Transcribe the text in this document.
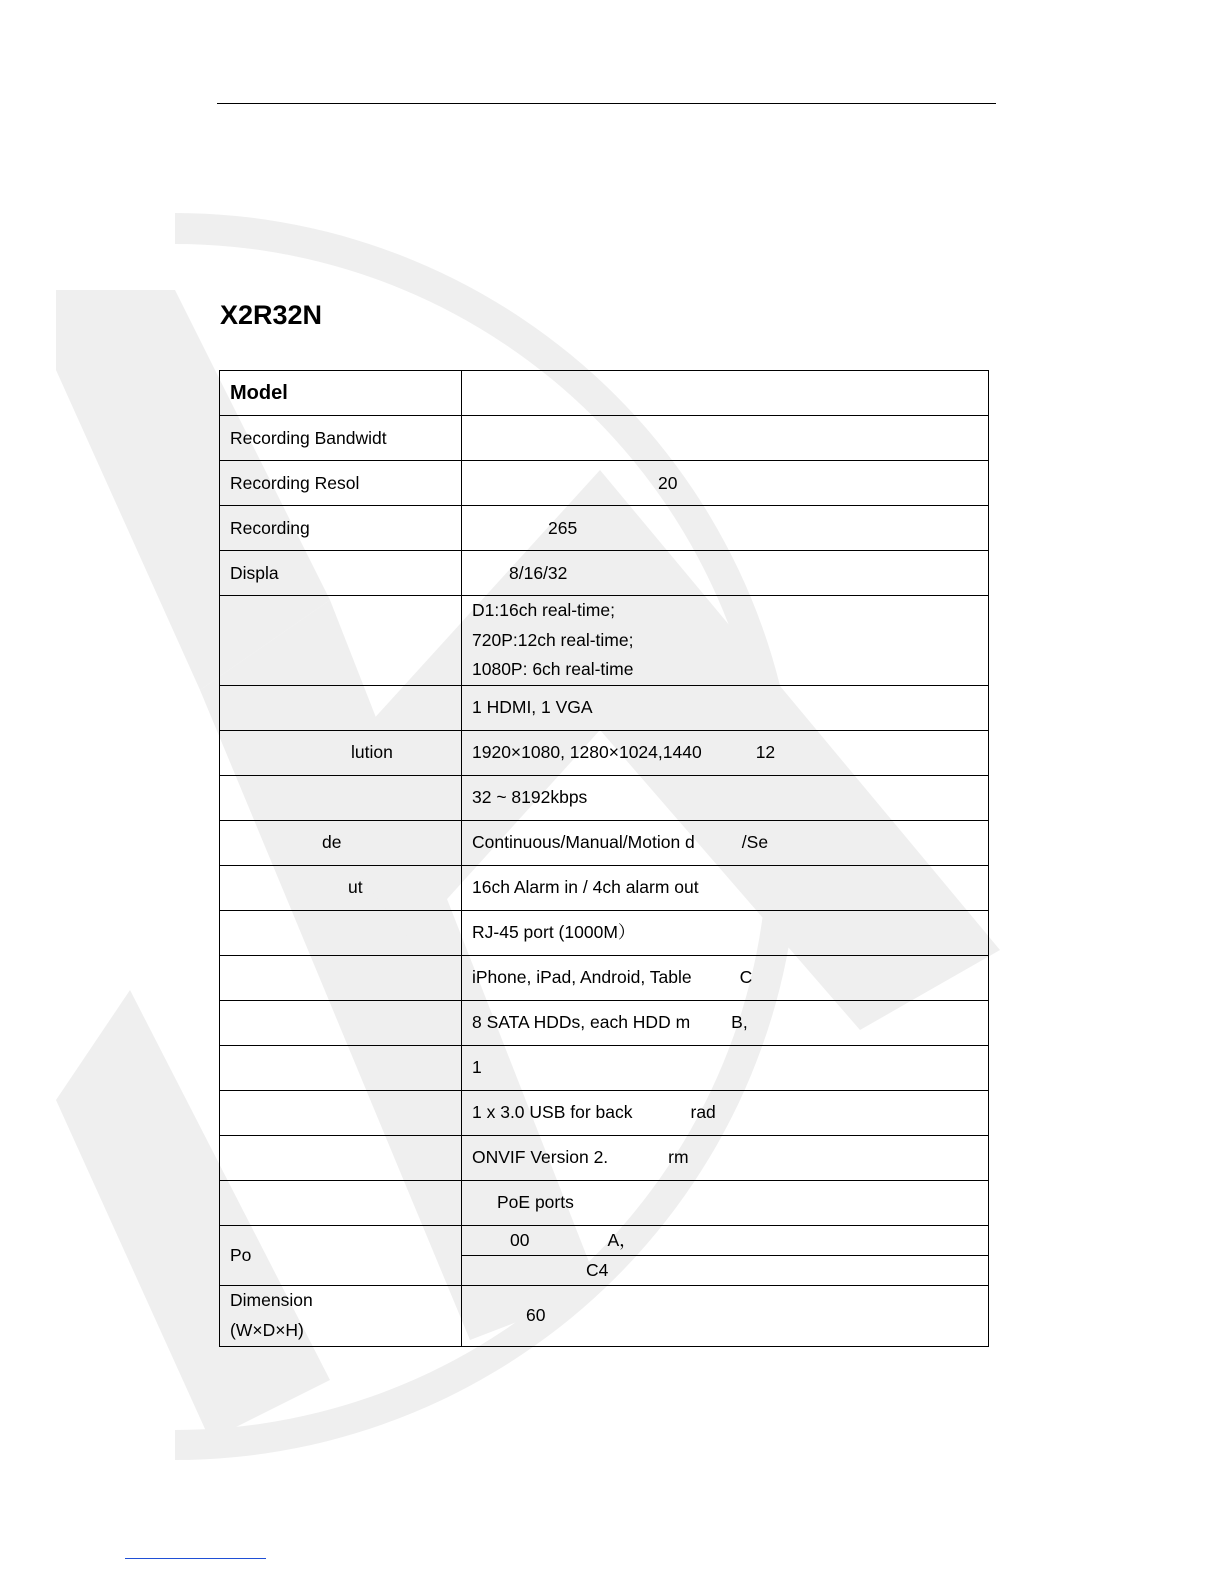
X2R32N
Model	
Recording Bandwidt	
Recording Resol	20
Recording	265
Displa	8/16/32

	D1:16ch real-time;
720P:12ch real-time;
1080P: 6ch real-time

	1 HDMI, 1 VGA
lution	1920×1080, 1280×1024,1440 12
	32 ~ 8192kbps
de	Continuous/Manual/Motion d /Se
ut	16ch Alarm in / 4ch alarm out
	RJ-45 port (1000M）
	iPhone, iPad, Android, Table C
	8 SATA HDDs, each HDD m B,
	1
	1 x 3.0 USB for back rad
	ONVIF Version 2. rm
	PoE ports
Po	00 A，
	C4

Dimension
(W×D×H)	60
